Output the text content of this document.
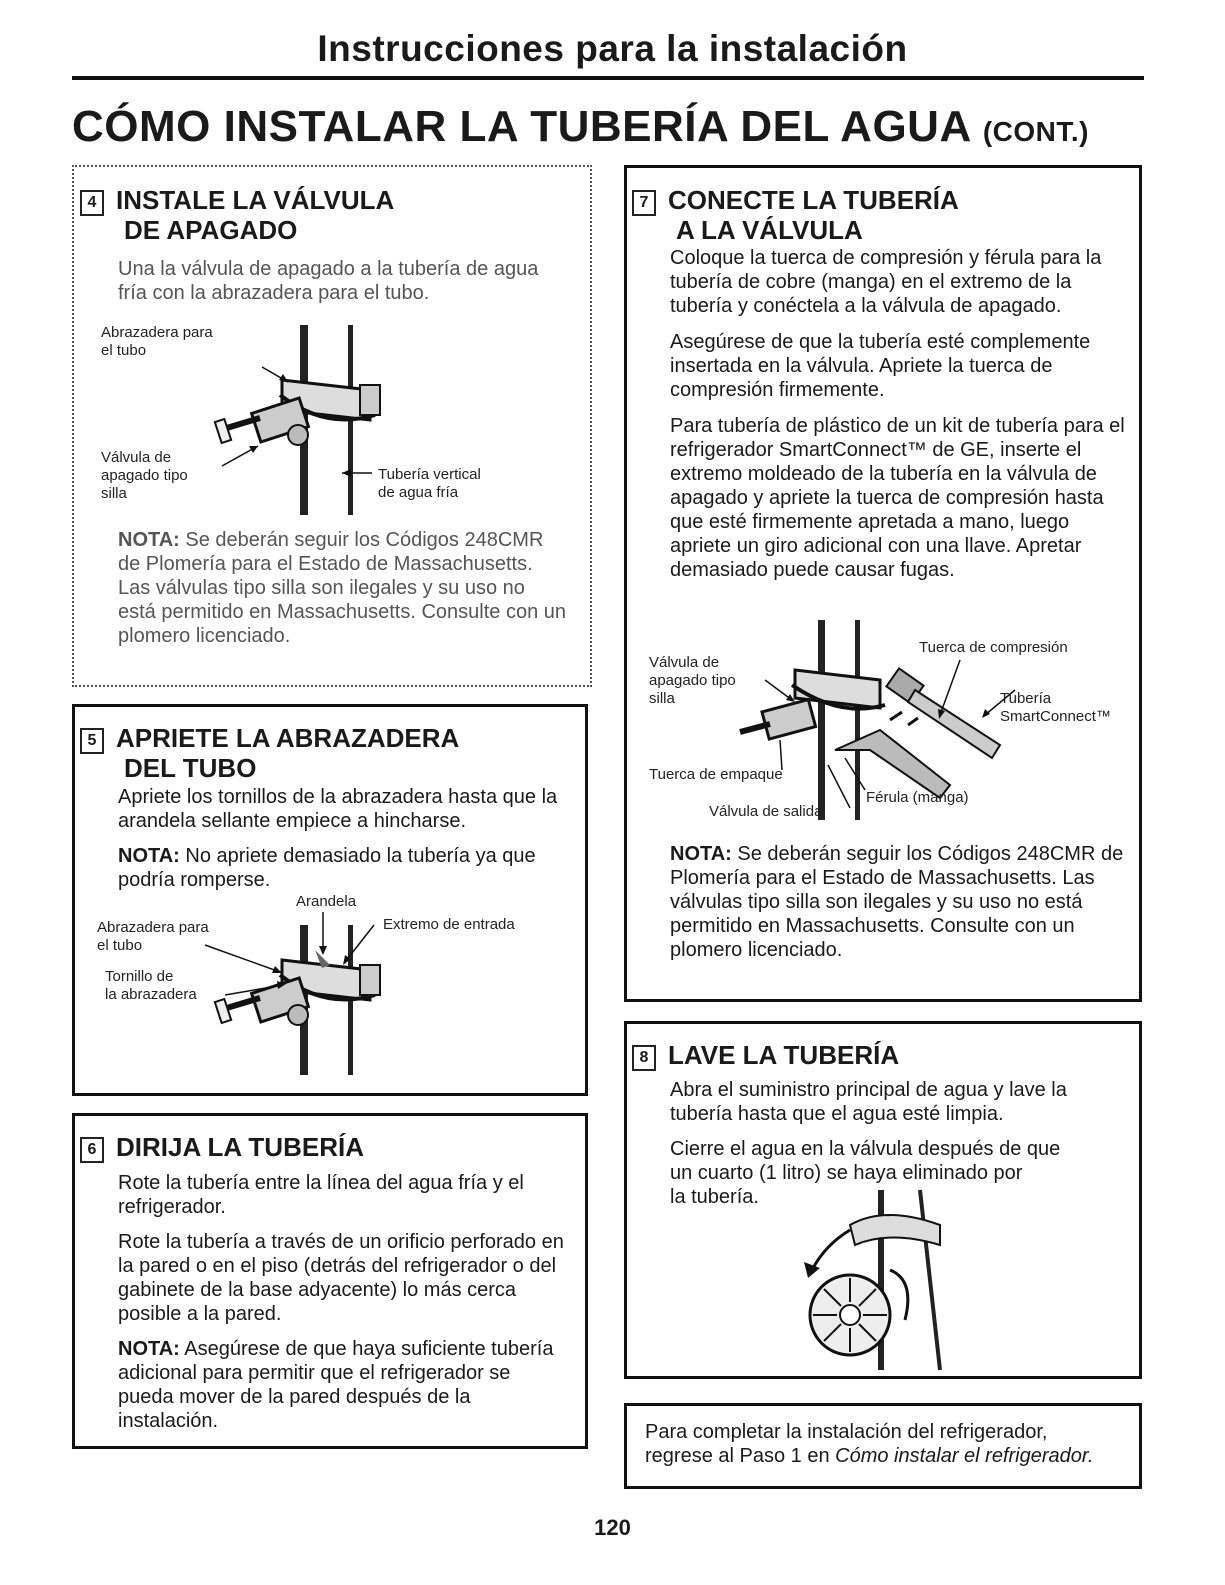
Instrucciones para la instalación
CÓMO INSTALAR LA TUBERÍA DEL AGUA (CONT.)
4 INSTALE LA VÁLVULA
DE APAGADO

Una la válvula de apagado a la tubería de agua fría con la abrazadera para el tubo.

Abrazadera para
el tubo
Válvula de
apagado tipo
silla
Tubería vertical
de agua fría

NOTA: Se deberán seguir los Códigos 248CMR de Plomería para el Estado de Massachusetts. Las válvulas tipo silla son ilegales y su uso no está permitido en Massachusetts. Consulte con un plomero licenciado.

5 APRIETE LA ABRAZADERA
DEL TUBO

Apriete los tornillos de la abrazadera hasta que la arandela sellante empiece a hincharse.

NOTA: No apriete demasiado la tubería ya que podría romperse.

Arandela
Extremo de entrada
Abrazadera para
el tubo
Tornillo de
la abrazadera
6 DIRIJA LA TUBERÍA

Rote la tubería entre la línea del agua fría y el refrigerador.

Rote la tubería a través de un orificio perforado en la pared o en el piso (detrás del refrigerador o del gabinete de la base adyacente) lo más cerca posible a la pared.

NOTA: Asegúrese de que haya suficiente tubería adicional para permitir que el refrigerador se pueda mover de la pared después de la instalación.

7 CONECTE LA TUBERÍA
A LA VÁLVULA

Coloque la tuerca de compresión y férula para la tubería de cobre (manga) en el extremo de la tubería y conéctela a la válvula de apagado.

Asegúrese de que la tubería esté complemente insertada en la válvula. Apriete la tuerca de compresión firmemente.

Para tubería de plástico de un kit de tubería para el refrigerador SmartConnect™ de GE, inserte el extremo moldeado de la tubería en la válvula de apagado y apriete la tuerca de compresión hasta que esté firmemente apretada a mano, luego apriete un giro adicional con una llave. Apretar demasiado puede causar fugas.

Tuerca de compresión
Válvula de
apagado tipo
silla	Tubería
SmartConnect™
Tuerca de empaque
Férula (manga)
Válvula de salida

NOTA: Se deberán seguir los Códigos 248CMR de Plomería para el Estado de Massachusetts. Las válvulas tipo silla son ilegales y su uso no está permitido en Massachusetts. Consulte con un plomero licenciado.

8 LAVE LA TUBERÍA

Abra el suministro principal de agua y lave la tubería hasta que el agua esté limpia.

Cierre el agua en la válvula después de que
un cuarto (1 litro) se haya eliminado por
la tubería.

Para completar la instalación del refrigerador,
regrese al Paso 1 en Cómo instalar el refrigerador.

120
